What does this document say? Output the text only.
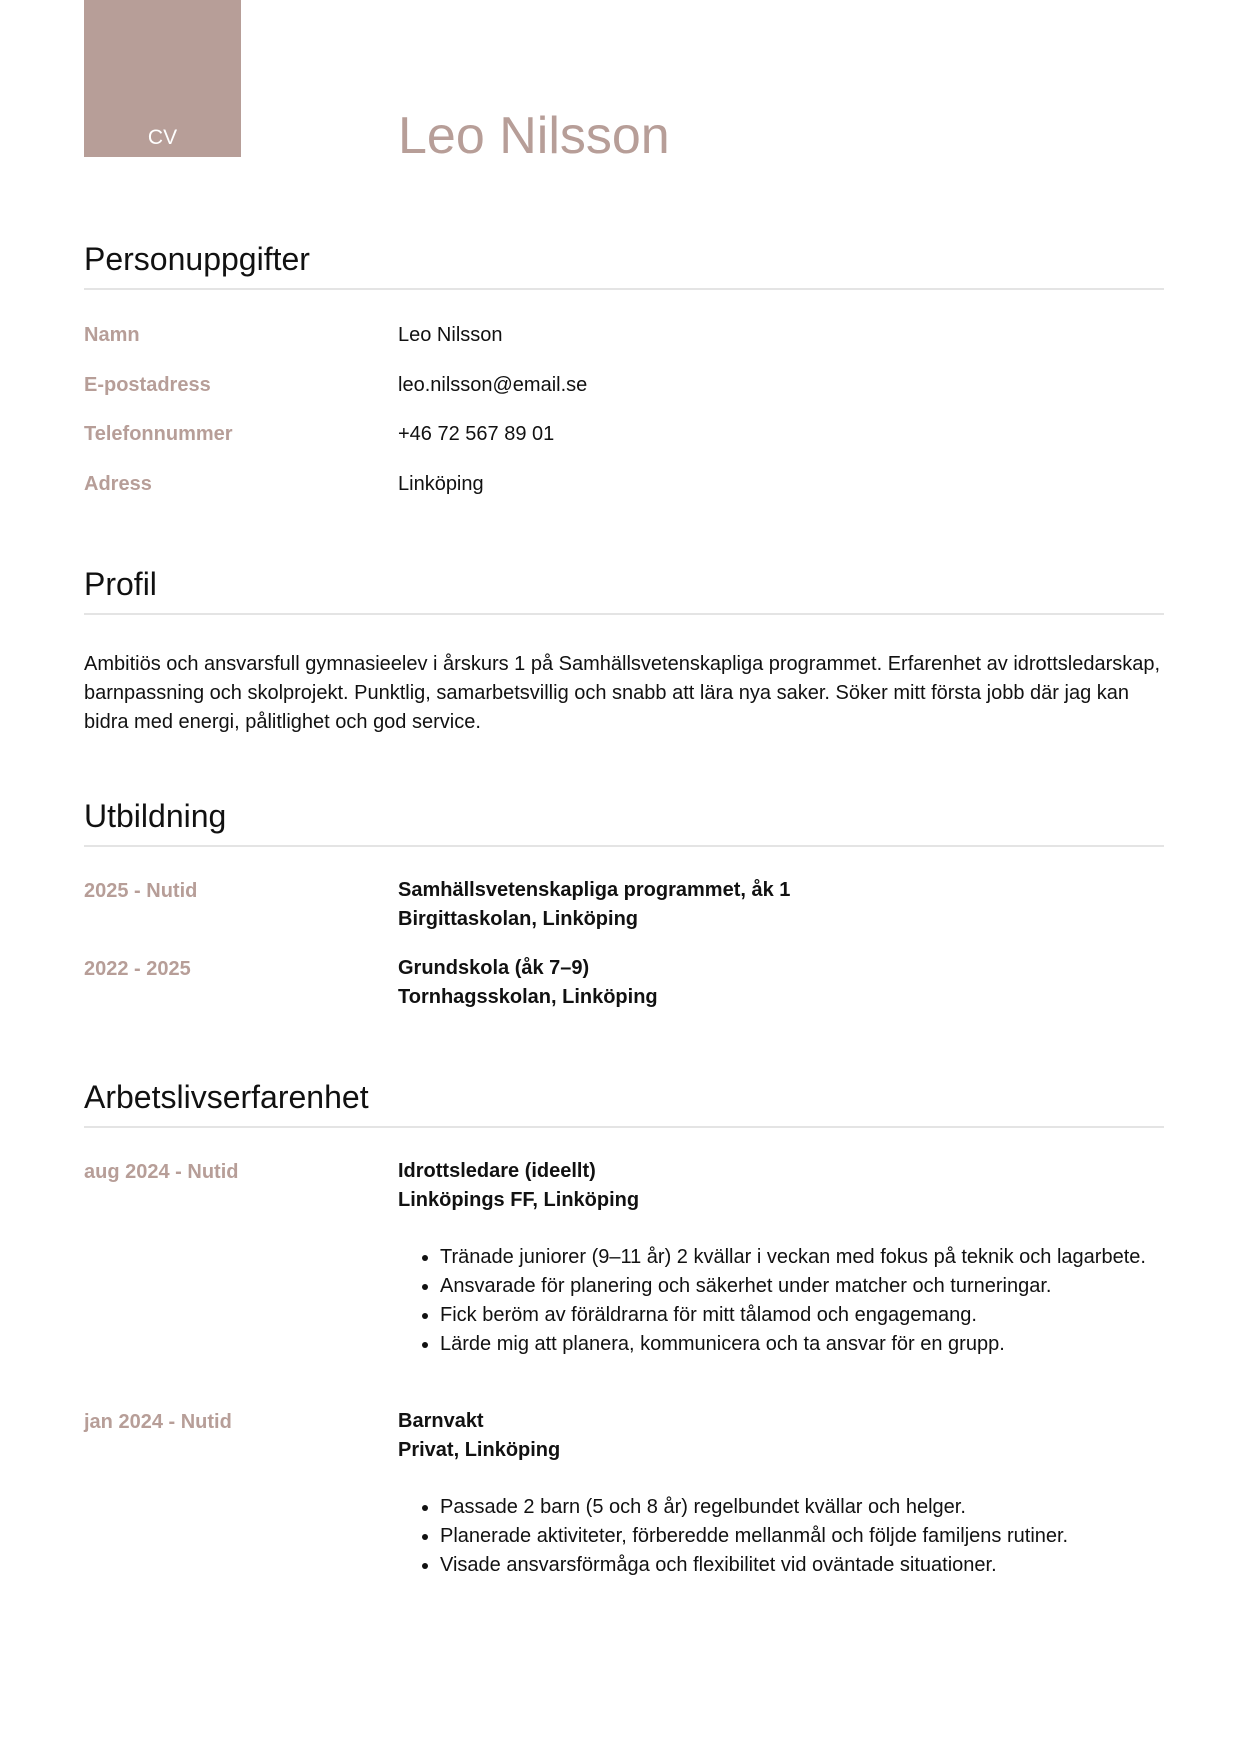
CV	Leo Nilsson
Personuppgifter
Namn	Leo Nilsson
E-postadress	leo.nilsson@email.se
Telefonnummer	+46 72 567 89 01
Adress	Linköping
Profil
Ambitiös och ansvarsfull gymnasieelev i årskurs 1 på Samhällsvetenskapliga programmet. Erfarenhet av idrottsledarskap, barnpassning och skolprojekt. Punktlig, samarbetsvillig och snabb att lära nya saker. Söker mitt första jobb där jag kan bidra med energi, pålitlighet och god service.
Utbildning
2025 - Nutid	Samhällsvetenskapliga programmet, åk 1
Birgittaskolan, Linköping
2022 - 2025	Grundskola (åk 7–9)
Tornhagsskolan, Linköping
Arbetslivserfarenhet
aug 2024 - Nutid	Idrottsledare (ideellt)
Linköpings FF, Linköping
• Tränade juniorer (9–11 år) 2 kvällar i veckan med fokus på teknik och lagarbete.
• Ansvarade för planering och säkerhet under matcher och turneringar.
• Fick beröm av föräldrarna för mitt tålamod och engagemang.
• Lärde mig att planera, kommunicera och ta ansvar för en grupp.
jan 2024 - Nutid	Barnvakt
Privat, Linköping
• Passade 2 barn (5 och 8 år) regelbundet kvällar och helger.
• Planerade aktiviteter, förberedde mellanmål och följde familjens rutiner.
• Visade ansvarsförmåga och flexibilitet vid oväntade situationer.
